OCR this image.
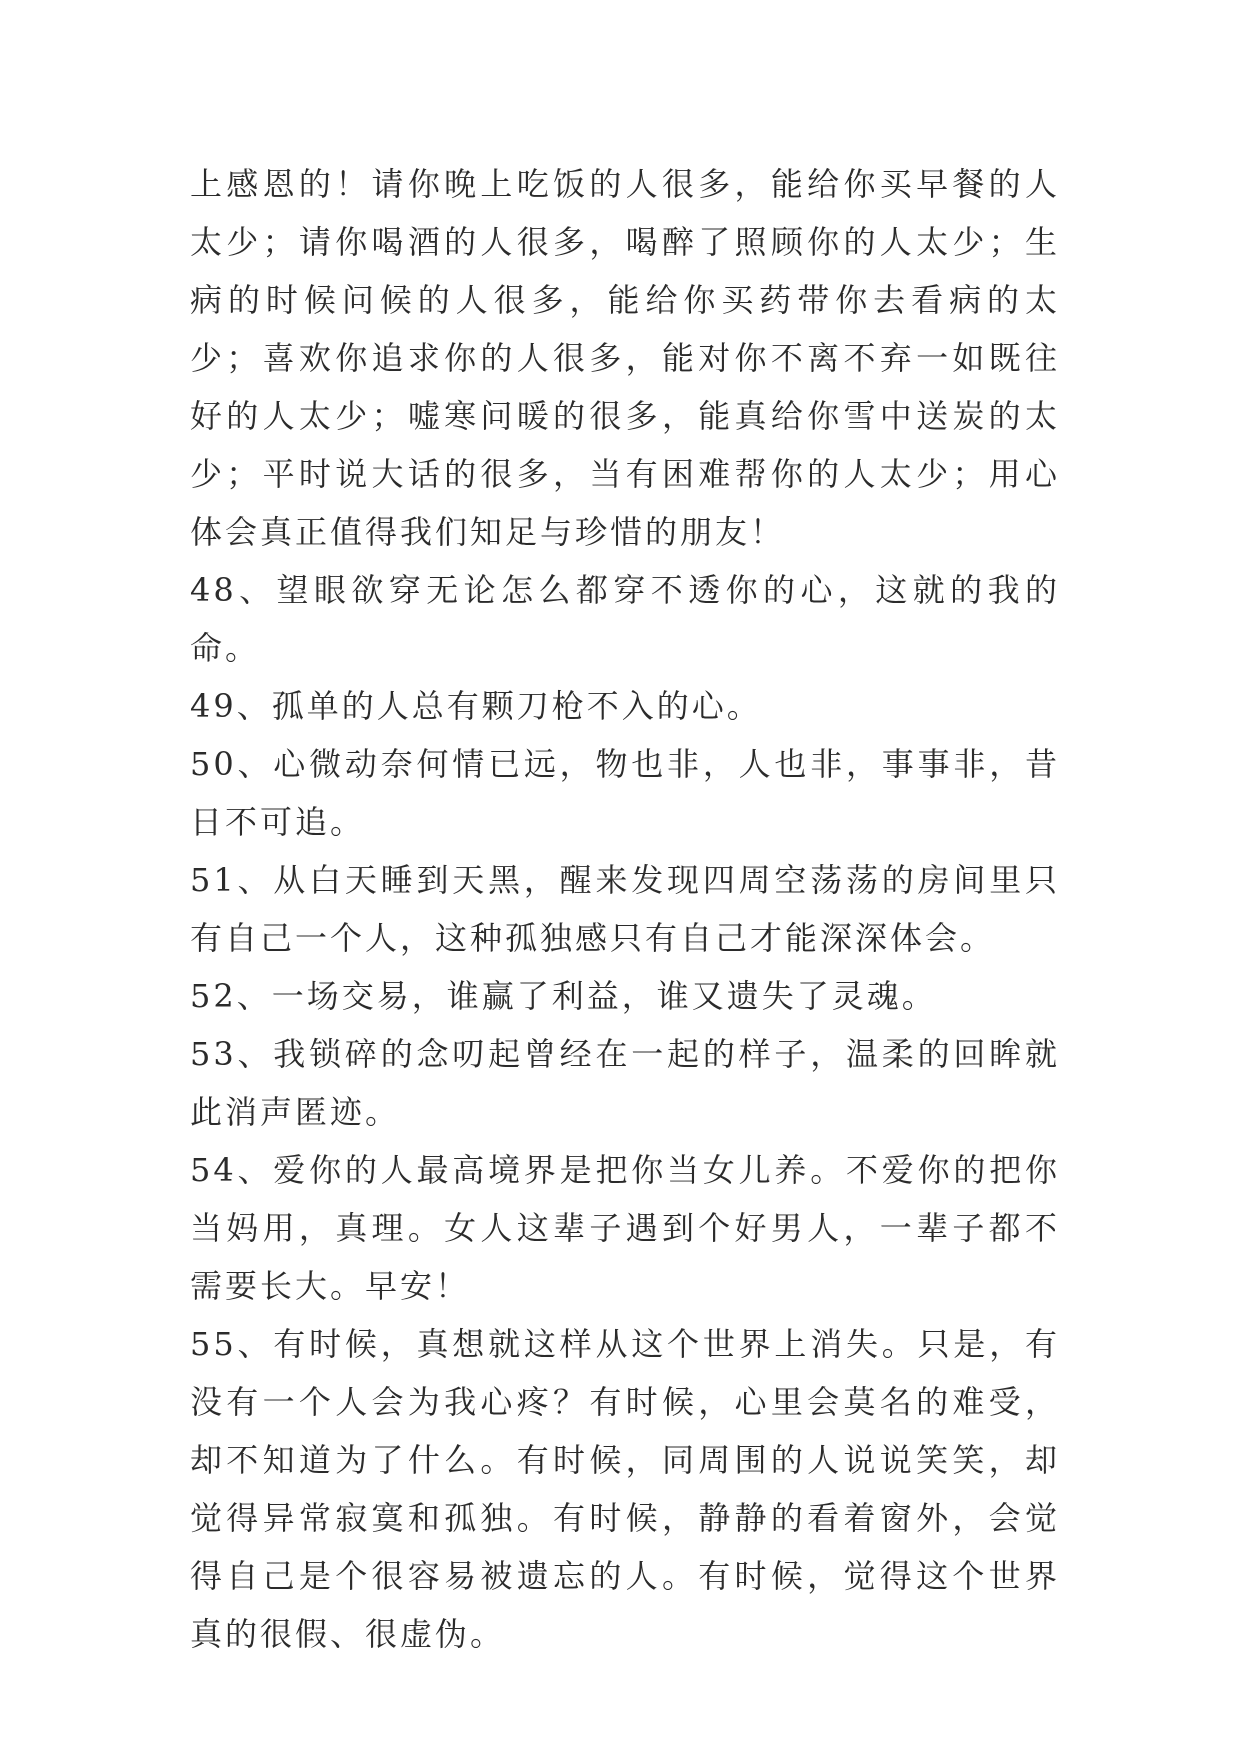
上感恩的！请你晚上吃饭的人很多，能给你买早餐的人太少；请你喝酒的人很多，喝醉了照顾你的人太少；生病的时候问候的人很多，能给你买药带你去看病的太少；喜欢你追求你的人很多，能对你不离不弃一如既往好的人太少；嘘寒问暖的很多，能真给你雪中送炭的太少；平时说大话的很多，当有困难帮你的人太少；用心体会真正值得我们知足与珍惜的朋友！

48、望眼欲穿无论怎么都穿不透你的心，这就的我的命。

49、孤单的人总有颗刀枪不入的心。

50、心微动奈何情已远，物也非，人也非，事事非，昔日不可追。

51、从白天睡到天黑，醒来发现四周空荡荡的房间里只有自己一个人，这种孤独感只有自己才能深深体会。

52、一场交易，谁赢了利益，谁又遗失了灵魂。

53、我锁碎的念叨起曾经在一起的样子，温柔的回眸就此消声匿迹。

54、爱你的人最高境界是把你当女儿养。不爱你的把你当妈用，真理。女人这辈子遇到个好男人，一辈子都不需要长大。早安！

55、有时候，真想就这样从这个世界上消失。只是，有没有一个人会为我心疼？有时候，心里会莫名的难受，却不知道为了什么。有时候，同周围的人说说笑笑，却觉得异常寂寞和孤独。有时候，静静的看着窗外，会觉得自己是个很容易被遗忘的人。有时候，觉得这个世界真的很假、很虚伪。
